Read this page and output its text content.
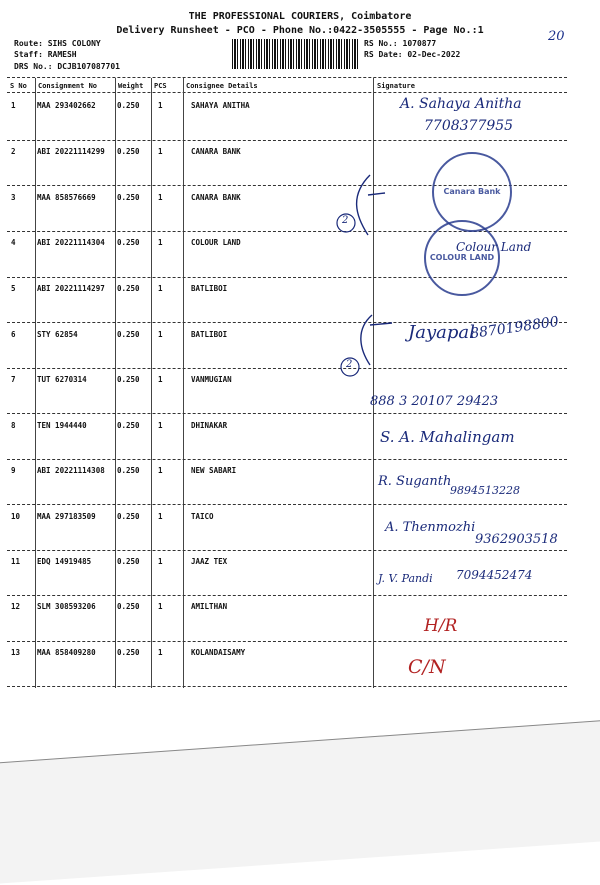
THE PROFESSIONAL COURIERS, Coimbatore
Delivery Runsheet - PCO - Phone No.:0422-3505555 - Page No.:1
Route: SIHS COLONY
Staff: RAMESH
DRS No.: DCJB107087701
RS No.: 1070877
RS Date: 02-Dec-2022
20
S No Consignment No	Weight PCS	Consignee Details	Signature
1	MAA 293402662	0.250 1	SAHAYA ANITHA
2	ABI 20221114299 0.250 1	CANARA BANK
3	MAA 858576669	0.250 1	CANARA BANK
4	ABI 20221114304 0.250 1	COLOUR LAND
5	ABI 20221114297 0.250 1	BATLIBOI
6	STY 62854	0.250 1	BATLIBOI
7	TUT 6270314	0.250 1	VANMUGIAN
8	TEN 1944440	0.250 1	DHINAKAR
9	ABI 20221114308 0.250 1	NEW SABARI
10 MAA 297183509	0.250 1	TAICO
11 EDQ 14919485	0.250 1	JAAZ TEX
12 SLM 308593206	0.250 1	AMILTHAN
13 MAA 858409280	0.250 1	KOLANDAISAMY
A. Sahaya Anitha
7708377955
2
2
Canara Bank
COLOUR LAND
Colour Land
Jayapal
8870198800
888 3 20107 29423
S. A. Mahalingam
R. Suganth
9894513228
A. Thenmozhi
9362903518
J. V. Pandi 7094452474
H/R
C/N
